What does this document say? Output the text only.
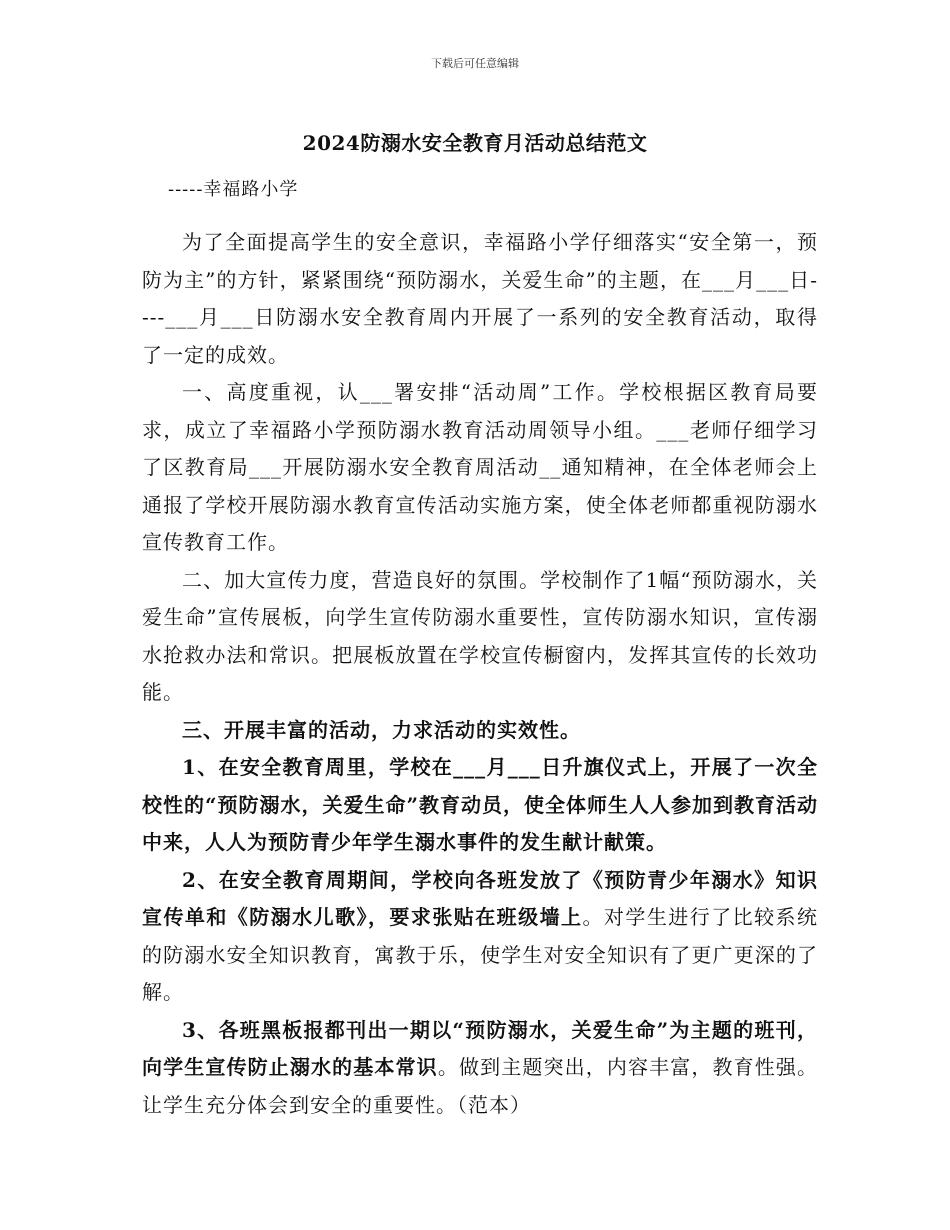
下载后可任意编辑
2024防溺水安全教育月活动总结范文
-----幸福路小学

为了全面提高学生的安全意识，幸福路小学仔细落实“安全第一，预防为主”的方针，紧紧围绕“预防溺水，关爱生命”的主题，在___月___日----___月___日防溺水安全教育周内开展了一系列的安全教育活动，取得了一定的成效。

一、高度重视，认___署安排“活动周”工作。学校根据区教育局要求，成立了幸福路小学预防溺水教育活动周领导小组。___老师仔细学习了区教育局___开展防溺水安全教育周活动__通知精神，在全体老师会上通报了学校开展防溺水教育宣传活动实施方案，使全体老师都重视防溺水宣传教育工作。

二、加大宣传力度，营造良好的氛围。学校制作了1幅“预防溺水，关爱生命”宣传展板，向学生宣传防溺水重要性，宣传防溺水知识，宣传溺水抢救办法和常识。把展板放置在学校宣传橱窗内，发挥其宣传的长效功能。

三、开展丰富的活动，力求活动的实效性。

1、在安全教育周里，学校在___月___日升旗仪式上，开展了一次全校性的“预防溺水，关爱生命”教育动员，使全体师生人人参加到教育活动中来，人人为预防青少年学生溺水事件的发生献计献策。

2、在安全教育周期间，学校向各班发放了《预防青少年溺水》知识宣传单和《防溺水儿歌》，要求张贴在班级墙上。对学生进行了比较系统的防溺水安全知识教育，寓教于乐，使学生对安全知识有了更广更深的了解。

3、各班黑板报都刊出一期以“预防溺水，关爱生命”为主题的班刊，向学生宣传防止溺水的基本常识。做到主题突出，内容丰富，教育性强。让学生充分体会到安全的重要性。（范本）
